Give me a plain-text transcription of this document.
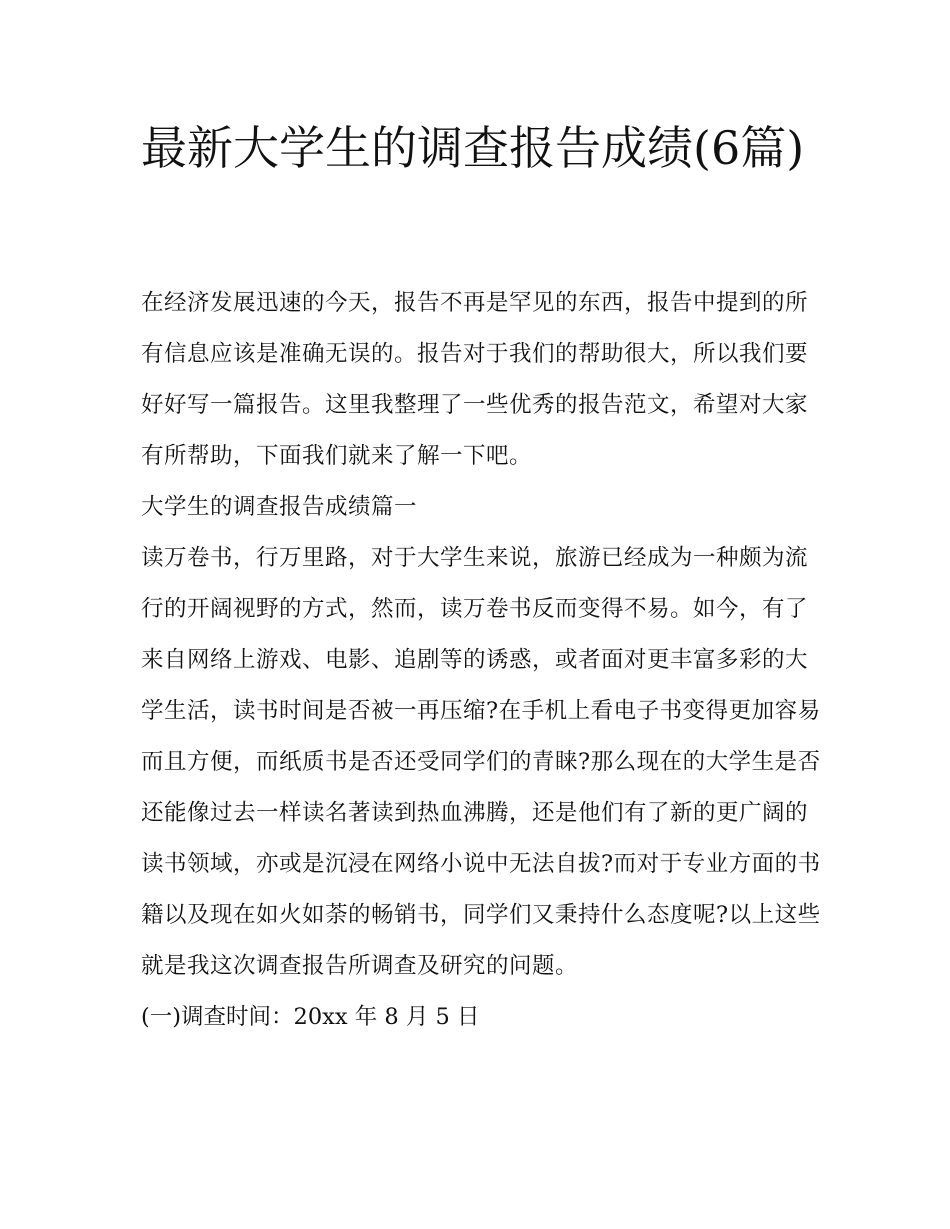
最新大学生的调查报告成绩(6篇)

在经济发展迅速的今天，报告不再是罕见的东西，报告中提到的所有信息应该是准确无误的。报告对于我们的帮助很大，所以我们要好好写一篇报告。这里我整理了一些优秀的报告范文，希望对大家有所帮助，下面我们就来了解一下吧。

大学生的调查报告成绩篇一

读万卷书，行万里路，对于大学生来说，旅游已经成为一种颇为流行的开阔视野的方式，然而，读万卷书反而变得不易。如今，有了来自网络上游戏、电影、追剧等的诱惑，或者面对更丰富多彩的大学生活，读书时间是否被一再压缩?在手机上看电子书变得更加容易而且方便，而纸质书是否还受同学们的青睐?那么现在的大学生是否还能像过去一样读名著读到热血沸腾，还是他们有了新的更广阔的读书领域，亦或是沉浸在网络小说中无法自拔?而对于专业方面的书籍以及现在如火如荼的畅销书，同学们又秉持什么态度呢?以上这些就是我这次调查报告所调查及研究的问题。

(一)调查时间：20xx 年 8 月 5 日
